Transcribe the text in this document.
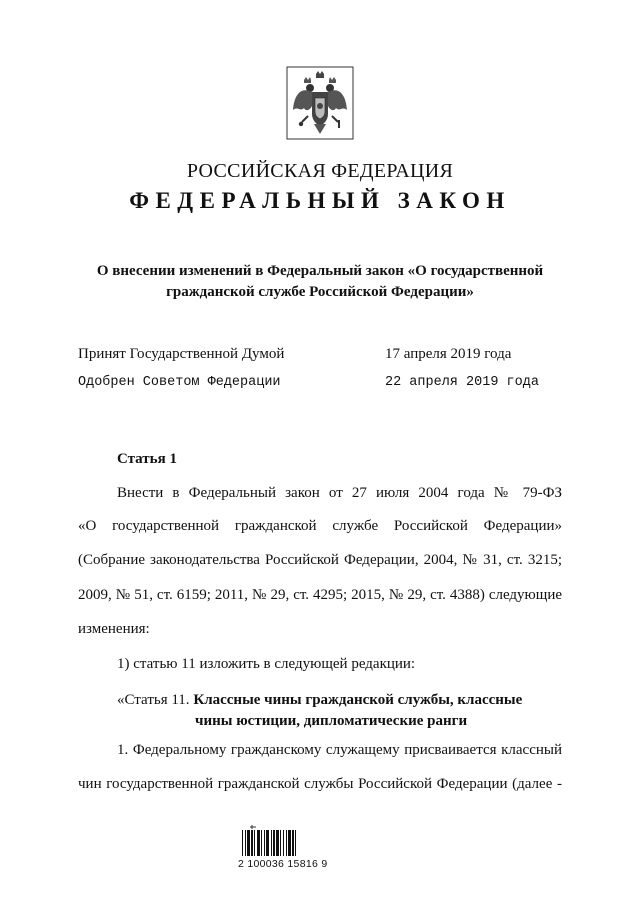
РОССИЙСКАЯ ФЕДЕРАЦИЯ
ФЕДЕРАЛЬНЫЙ ЗАКОН
О внесении изменений в Федеральный закон «О государственной
гражданской службе Российской Федерации»
Принят Государственной Думой	17 апреля 2019 года
Одобрен Советом Федерации	22 апреля 2019 года
Статья 1
Внести в Федеральный закон от 27 июля 2004 года № 79-ФЗ
«О государственной гражданской службе Российской Федерации»
(Собрание законодательства Российской Федерации, 2004, № 31, ст. 3215;
2009, № 51, ст. 6159; 2011, № 29, ст. 4295; 2015, № 29, ст. 4388) следующие
изменения:
1) статью 11 изложить в следующей редакции:
«Статья 11. Классные чины гражданской службы, классные
чины юстиции, дипломатические ранги
1. Федеральному гражданскому служащему присваивается классный
чин государственной гражданской службы Российской Федерации (далее -
2 100036 15816 9
